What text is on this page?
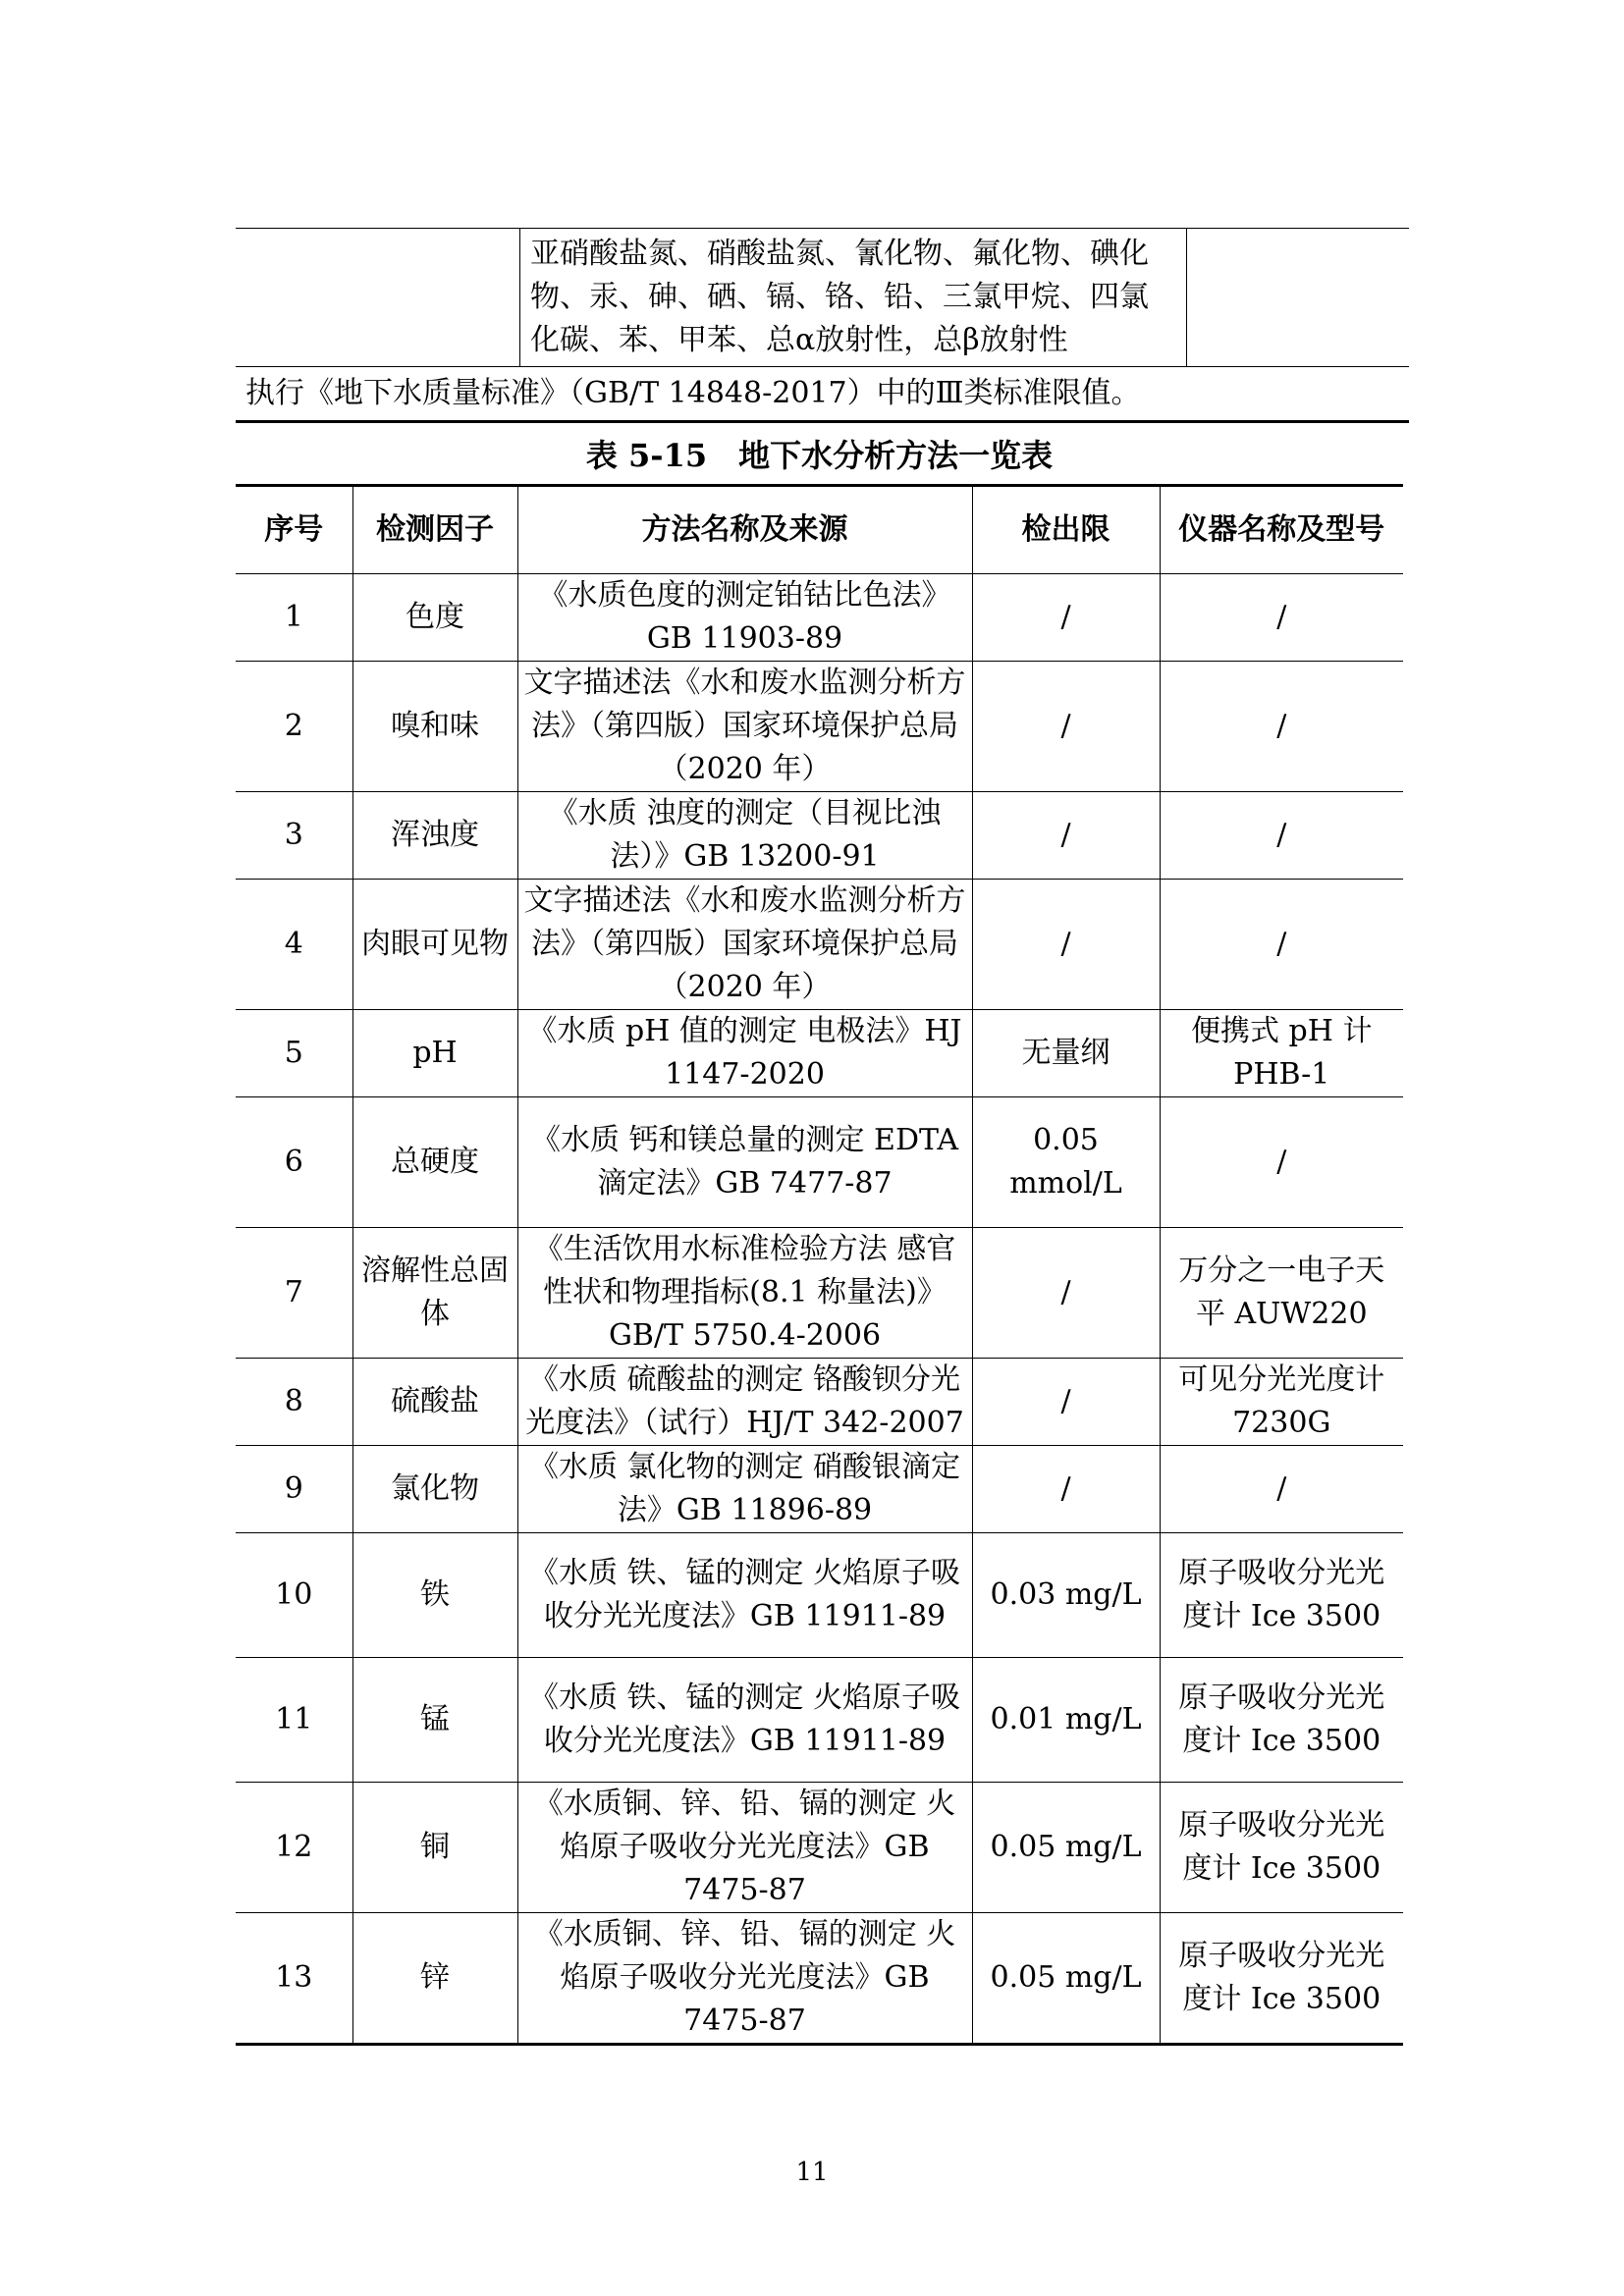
	亚硝酸盐氮、硝酸盐氮、氰化物、氟化物、碘化物、汞、砷、硒、镉、铬、铅、三氯甲烷、四氯化碳、苯、甲苯、总α放射性，总β放射性	
执行《地下水质量标准》（GB/T 14848-2017）中的Ⅲ类标准限值。
表 5-15　地下水分析方法一览表
序号	检测因子	方法名称及来源	检出限	仪器名称及型号
1	色度	《水质色度的测定铂钴比色法》GB 11903-89	/	/
2	嗅和味	文字描述法《水和废水监测分析方法》（第四版）国家环境保护总局（2020 年）	/	/
3	浑浊度	《水质 浊度的测定（目视比浊法）》GB 13200-91	/	/
4	肉眼可见物	文字描述法《水和废水监测分析方法》（第四版）国家环境保护总局（2020 年）	/	/
5	pH	《水质 pH 值的测定 电极法》HJ 1147-2020	无量纲	便携式 pH 计 PHB-1
6	总硬度	《水质 钙和镁总量的测定 EDTA 滴定法》GB 7477-87	0.05 mmol/L	/
7	溶解性总固体	《生活饮用水标准检验方法 感官性状和物理指标(8.1 称量法)》GB/T 5750.4-2006	/	万分之一电子天平 AUW220
8	硫酸盐	《水质 硫酸盐的测定 铬酸钡分光光度法》（试行）HJ/T 342-2007	/	可见分光光度计 7230G
9	氯化物	《水质 氯化物的测定 硝酸银滴定法》GB 11896-89	/	/
10	铁	《水质 铁、锰的测定 火焰原子吸收分光光度法》GB 11911-89	0.03 mg/L	原子吸收分光光度计 Ice 3500
11	锰	《水质 铁、锰的测定 火焰原子吸收分光光度法》GB 11911-89	0.01 mg/L	原子吸收分光光度计 Ice 3500
12	铜	《水质铜、锌、铅、镉的测定 火焰原子吸收分光光度法》GB 7475-87	0.05 mg/L	原子吸收分光光度计 Ice 3500
13	锌	《水质铜、锌、铅、镉的测定 火焰原子吸收分光光度法》GB 7475-87	0.05 mg/L	原子吸收分光光度计 Ice 3500
11
